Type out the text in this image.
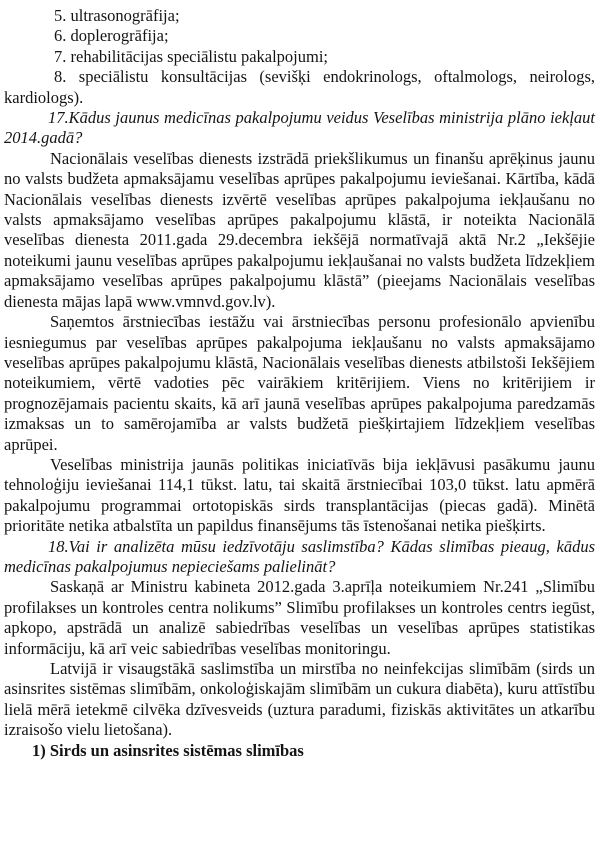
5. ultrasonogrāfija;

6. doplerogrāfija;

7. rehabilitācijas speciālistu pakalpojumi;

8. speciālistu konsultācijas (sevišķi endokrinologs, oftalmologs, neirologs, kardiologs).

17.Kādus jaunus medicīnas pakalpojumu veidus Veselības ministrija plāno iekļaut 2014.gadā?

Nacionālais veselības dienests izstrādā priekšlikumus un finanšu aprēķinus jaunu no valsts budžeta apmaksājamu veselības aprūpes pakalpojumu ieviešanai. Kārtība, kādā Nacionālais veselības dienests izvērtē veselības aprūpes pakalpojuma iekļaušanu no valsts apmaksājamo veselības aprūpes pakalpojumu klāstā, ir noteikta Nacionālā veselības dienesta 2011.gada 29.decembra iekšējā normatīvajā aktā Nr.2 „Iekšējie noteikumi jaunu veselības aprūpes pakalpojumu iekļaušanai no valsts budžeta līdzekļiem apmaksājamo veselības aprūpes pakalpojumu klāstā” (pieejams Nacionālais veselības dienesta mājas lapā www.vmnvd.gov.lv).

Saņemtos ārstniecības iestāžu vai ārstniecības personu profesionālo apvienību iesniegumus par veselības aprūpes pakalpojuma iekļaušanu no valsts apmaksājamo veselības aprūpes pakalpojumu klāstā, Nacionālais veselības dienests atbilstoši Iekšējiem noteikumiem, vērtē vadoties pēc vairākiem kritērijiem. Viens no kritērijiem ir prognozējamais pacientu skaits, kā arī jaunā veselības aprūpes pakalpojuma paredzamās izmaksas un to samērojamība ar valsts budžetā piešķirtajiem līdzekļiem veselības aprūpei.

Veselības ministrija jaunās politikas iniciatīvās bija iekļāvusi pasākumu jaunu tehnoloģiju ieviešanai 114,1 tūkst. latu, tai skaitā ārstniecībai 103,0 tūkst. latu apmērā pakalpojumu programmai ortotopiskās sirds transplantācijas (piecas gadā). Minētā prioritāte netika atbalstīta un papildus finansējums tās īstenošanai netika piešķirts.

18.Vai ir analizēta mūsu iedzīvotāju saslimstība? Kādas slimības pieaug, kādus medicīnas pakalpojumus nepieciešams palielināt?

Saskaņā ar Ministru kabineta 2012.gada 3.aprīļa noteikumiem Nr.241 „Slimību profilakses un kontroles centra nolikums” Slimību profilakses un kontroles centrs iegūst, apkopo, apstrādā un analizē sabiedrības veselības un veselības aprūpes statistikas informāciju, kā arī veic sabiedrības veselības monitoringu.

Latvijā ir visaugstākā saslimstība un mirstība no neinfekcijas slimībām (sirds un asinsrites sistēmas slimībām, onkoloģiskajām slimībām un cukura diabēta), kuru attīstību lielā mērā ietekmē cilvēka dzīvesveids (uztura paradumi, fiziskās aktivitātes un atkarību izraisošo vielu lietošana).

1) Sirds un asinsrites sistēmas slimības
